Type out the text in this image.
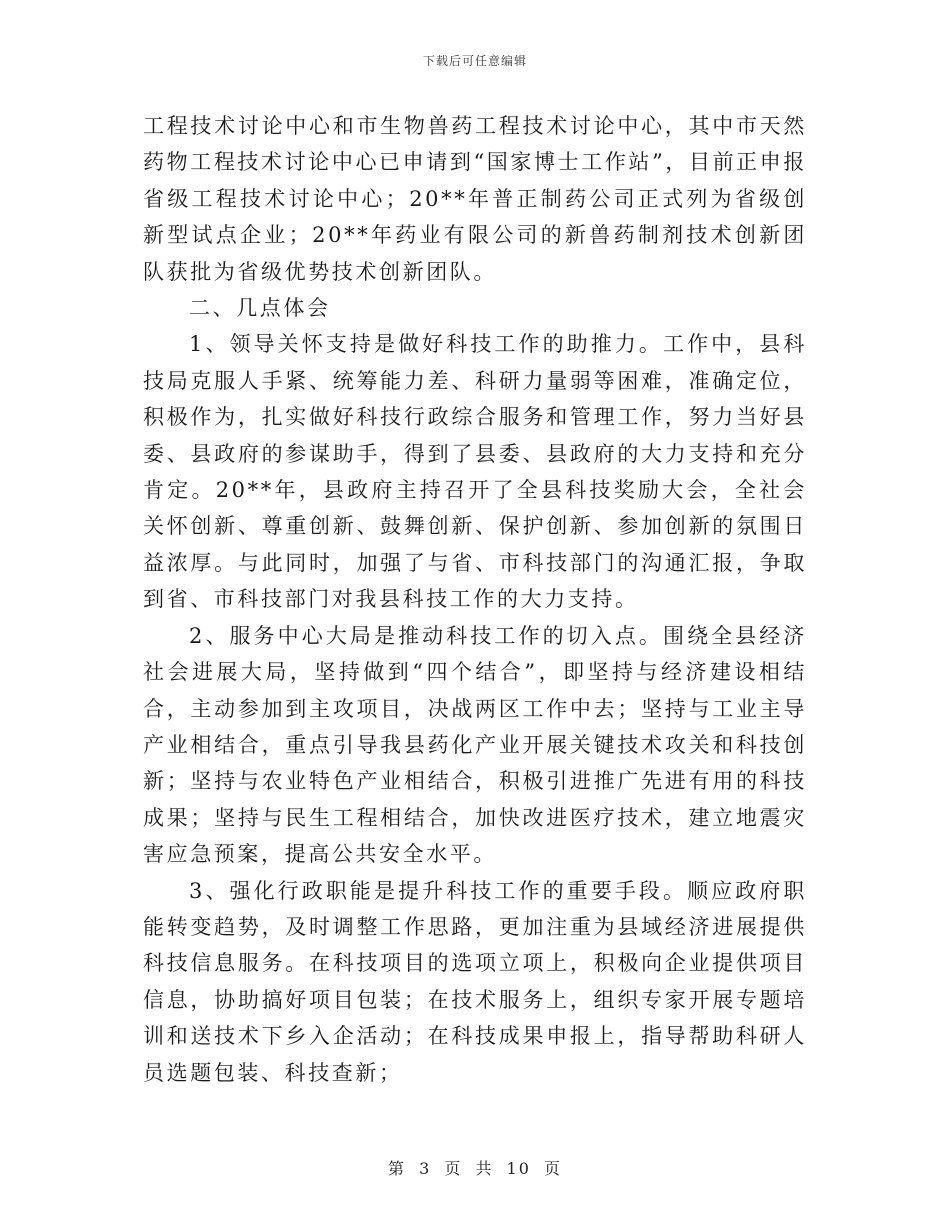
下载后可任意编辑

工程技术讨论中心和市生物兽药工程技术讨论中心，其中市天然药物工程技术讨论中心已申请到“国家博士工作站”，目前正申报省级工程技术讨论中心；20**年普正制药公司正式列为省级创新型试点企业；20**年药业有限公司的新兽药制剂技术创新团队获批为省级优势技术创新团队。

二、几点体会

1、领导关怀支持是做好科技工作的助推力。工作中，县科技局克服人手紧、统筹能力差、科研力量弱等困难，准确定位，积极作为，扎实做好科技行政综合服务和管理工作，努力当好县委、县政府的参谋助手，得到了县委、县政府的大力支持和充分肯定。20**年，县政府主持召开了全县科技奖励大会，全社会关怀创新、尊重创新、鼓舞创新、保护创新、参加创新的氛围日益浓厚。与此同时，加强了与省、市科技部门的沟通汇报，争取到省、市科技部门对我县科技工作的大力支持。

2、服务中心大局是推动科技工作的切入点。围绕全县经济社会进展大局，坚持做到“四个结合”，即坚持与经济建设相结合，主动参加到主攻项目，决战两区工作中去；坚持与工业主导产业相结合，重点引导我县药化产业开展关键技术攻关和科技创新；坚持与农业特色产业相结合，积极引进推广先进有用的科技成果；坚持与民生工程相结合，加快改进医疗技术，建立地震灾害应急预案，提高公共安全水平。

3、强化行政职能是提升科技工作的重要手段。顺应政府职能转变趋势，及时调整工作思路，更加注重为县域经济进展提供科技信息服务。在科技项目的选项立项上，积极向企业提供项目信息，协助搞好项目包装；在技术服务上，组织专家开展专题培训和送技术下乡入企活动；在科技成果申报上，指导帮助科研人员选题包装、科技查新；

第 3 页 共 10 页
